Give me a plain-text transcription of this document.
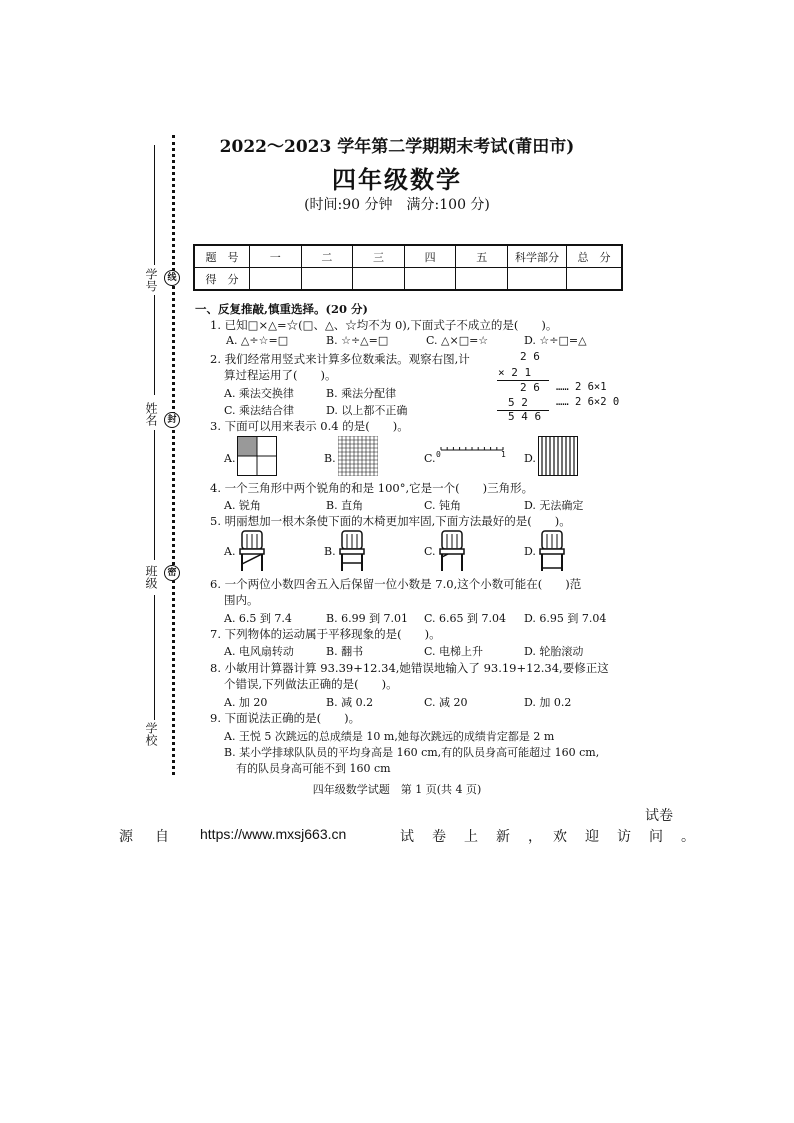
2022～2023 学年第二学期期末考试(莆田市)
四年级数学
(时间:90 分钟　满分:100 分)
学号
姓名
班级
学校
线
封
密
题　号	一	二	三	四	五	科学部分	总　分
得　分							
一、反复推敲,慎重选择。(20 分)
1. 已知□×△=☆(□、△、☆均不为 0),下面式子不成立的是(　　)。
A. △÷☆=□	B. ☆÷△=□	C. △×□=☆	D. ☆÷□=△
2. 我们经常用竖式来计算多位数乘法。观察右图,计
算过程运用了(　　)。
A. 乘法交换律	B. 乘法分配律
C. 乘法结合律	D. 以上都不正确
2 6
× 2 1
2 6 …… 2 6×1
5 2	…… 2 6×2 0
5 4 6
3. 下面可以用来表示 0.4 的是(　　)。
A.	B.	C. 0	1 D.
4. 一个三角形中两个锐角的和是 100°,它是一个(　　)三角形。
A. 锐角	B. 直角	C. 钝角	D. 无法确定
5. 明丽想加一根木条使下面的木椅更加牢固,下面方法最好的是(　　)。
A.	B.	C.	D.
6. 一个两位小数四舍五入后保留一位小数是 7.0,这个小数可能在(　　)范
围内。
A. 6.5 到 7.4	B. 6.99 到 7.01 C. 6.65 到 7.04 D. 6.95 到 7.04
7. 下列物体的运动属于平移现象的是(　　)。
A. 电风扇转动	B. 翻书	C. 电梯上升	D. 轮胎滚动
8. 小敏用计算器计算 93.39+12.34,她错误地输入了 93.19+12.34,要修正这
个错误,下列做法正确的是(　　)。
A. 加 20	B. 减 0.2	C. 减 20	D. 加 0.2
9. 下面说法正确的是(　　)。
A. 王悦 5 次跳远的总成绩是 10 m,她每次跳远的成绩肯定都是 2 m
B. 某小学排球队队员的平均身高是 160 cm,有的队员身高可能超过 160 cm,
有的队员身高可能不到 160 cm
四年级数学试题　第 1 页(共 4 页)
试卷
源　自 https://www.mxsj663.cn	试　卷　上　新　，　欢　迎　访　问　。
